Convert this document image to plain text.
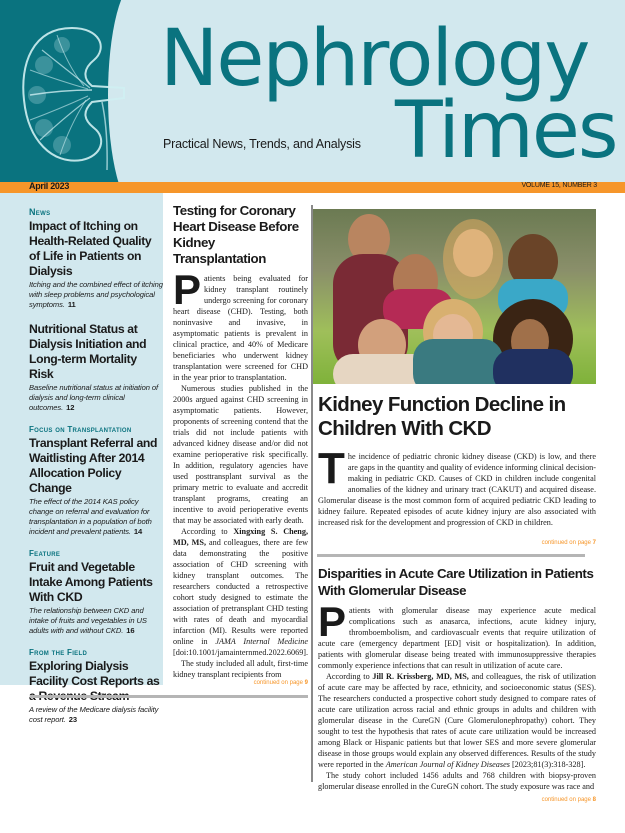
Nephrology
Times
Practical News, Trends, and Analysis
April 2023	VOLUME 15, NUMBER 3
News
Impact of Itching on Health-Related Quality of Life in Patients on Dialysis
Itching and the combined effect of itching with sleep problems and psychological symptoms. 11
Nutritional Status at Dialysis Initiation and Long-term Mortality Risk
Baseline nutritional status at initiation of dialysis and long-term clinical outcomes. 12
Focus on Transplantation
Transplant Referral and Waitlisting After 2014 Allocation Policy Change
The effect of the 2014 KAS policy change on referral and evaluation for transplantation in a population of both incident and prevalent patients. 14
Feature
Fruit and Vegetable Intake Among Patients With CKD
The relationship between CKD and intake of fruits and vegetables in US adults with and without CKD. 16
From the Field
Exploring Dialysis Facility Cost Reports as
A review of the Medicare dialysis facility cost report. 23
Testing for Coronary Heart Disease Before Kidney Transplantation

Patients being evaluated for kidney transplant routinely undergo screening for coronary heart disease (CHD). Testing, both noninvasive and invasive, in asymptomatic patients is prevalent in clinical practice, and 40% of Medicare beneficiaries who underwent kidney transplantation were screened for CHD in the year prior to transplantation.

Numerous studies published in the 2000s argued against CHD screening in asymptomatic patients. However, proponents of screening contend that the trials did not include patients with advanced kidney disease and/or did not examine perioperative risk specifically. In addition, regulatory agencies have used posttransplant survival as the primary metric to evaluate and accredit transplant programs, creating an incentive to avoid perioperative events that may be associated with early death.

According to Xingxing S. Cheng, MD, MS, and colleagues, there are few data demonstrating the positive association of CHD screening with kidney transplant outcomes. The researchers conducted a retrospective cohort study designed to estimate the association of pretransplant CHD testing with rates of death and myocardial infarction (MI). Results were reported online in JAMA Internal Medicine [doi:10.1001/jamainternmed.2022.6069].

The study included all adult, first-time kidney transplant recipients from

continued on page 9
Kidney Function Decline in Children With CKD

The incidence of pediatric chronic kidney disease (CKD) is low, and there are gaps in the quantity and quality of evidence informing clinical decision-making in pediatric CKD. Causes of CKD in children include congenital anomalies of the kidney and urinary tract (CAKUT) and acquired disease. Glomerular disease is the most common form of acquired pediatric CKD leading to kidney failure. Repeated episodes of acute kidney injury are also associated with increased risk for the development and progression of CKD in children.

continued on page 7
Disparities in Acute Care Utilization in Patients With Glomerular Disease

Patients with glomerular disease may experience acute medical complications such as anasarca, infections, acute kidney injury, thromboembolism, and cardiovascualr events that require utilization of acute care (emergency department [ED] visit or hospitalization). In addition, patients with glomerular disease being treated with immunosuppressive therapies commonly experience infections that can result in utilization of acute care.

According to Jill R. Krissberg, MD, MS, and colleagues, the risk of utilization of acute care may be affected by race, ethnicity, and socioeconomic status (SES). The researchers conducted a prospective cohort study designed to compare rates of acute care utilization across racial and ethnic groups in adults and children with glomerular disease in the CureGN (Cure Glomerulonephropathy) cohort. They sought to test the hypothesis that rates of acute care utilization would be increased among Black or Hispanic patients but that lower SES and more severe glomerular disease in those groups would explain any observed differences. Results of the study were reported in the American Journal of Kidney Diseases [2023;81(3):318-328].

The study cohort included 1456 adults and 768 children with biopsy-proven glomerular disease enrolled in the CureGN cohort. The study exposure was race and

continued on page 8
